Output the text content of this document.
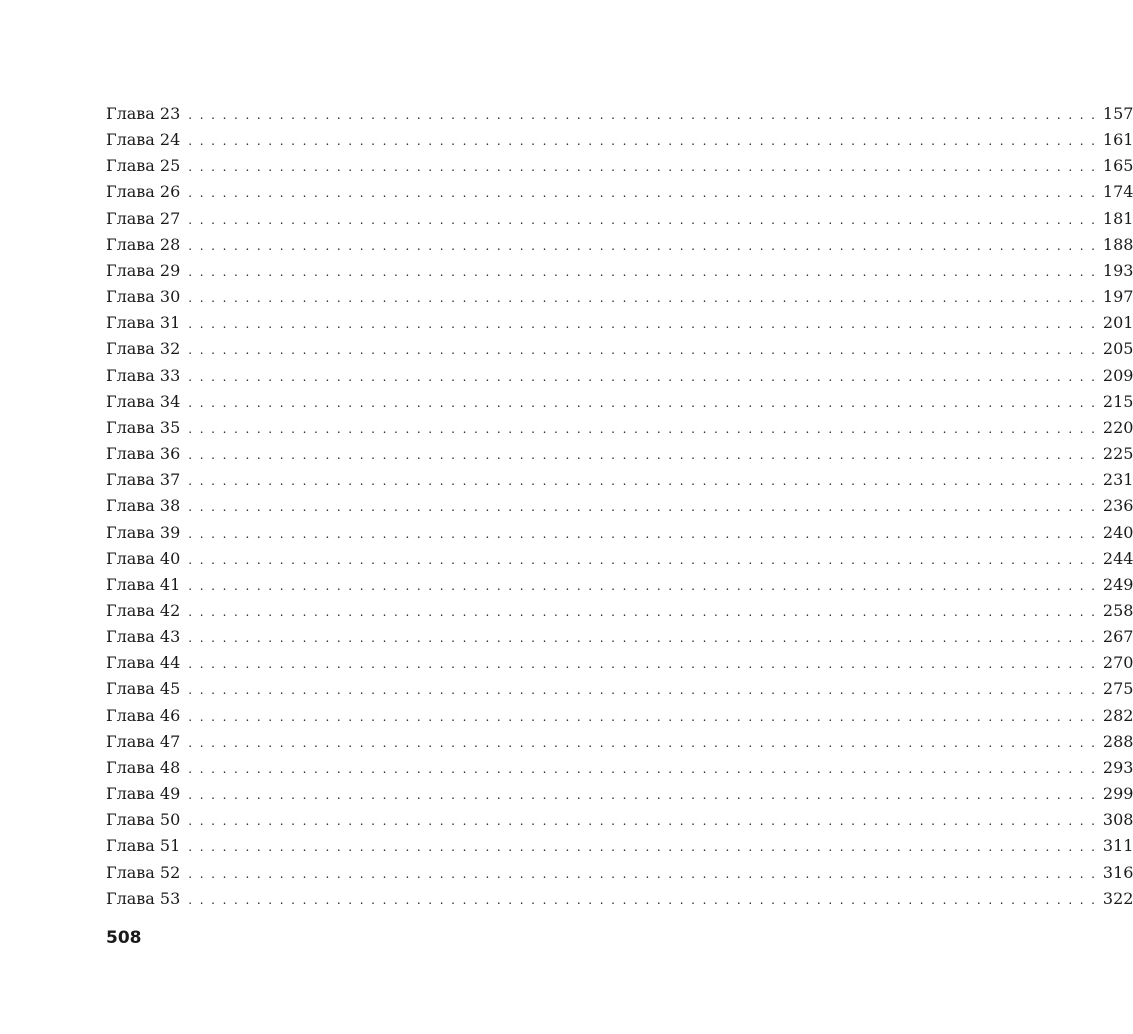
Глава 23 . . . . . . . . . . . . . . . . . . . . . . . . . . . . . . . . . . . . . . . . . . . . . . . . . . . . . . . . . . . . . . . . . . . . . . . . . . . . . . . . 157
Глава 24 . . . . . . . . . . . . . . . . . . . . . . . . . . . . . . . . . . . . . . . . . . . . . . . . . . . . . . . . . . . . . . . . . . . . . . . . . . . . . . . . 161
Глава 25 . . . . . . . . . . . . . . . . . . . . . . . . . . . . . . . . . . . . . . . . . . . . . . . . . . . . . . . . . . . . . . . . . . . . . . . . . . . . . . . . 165
Глава 26 . . . . . . . . . . . . . . . . . . . . . . . . . . . . . . . . . . . . . . . . . . . . . . . . . . . . . . . . . . . . . . . . . . . . . . . . . . . . . . . . 174
Глава 27 . . . . . . . . . . . . . . . . . . . . . . . . . . . . . . . . . . . . . . . . . . . . . . . . . . . . . . . . . . . . . . . . . . . . . . . . . . . . . . . . 181
Глава 28 . . . . . . . . . . . . . . . . . . . . . . . . . . . . . . . . . . . . . . . . . . . . . . . . . . . . . . . . . . . . . . . . . . . . . . . . . . . . . . . . 188
Глава 29 . . . . . . . . . . . . . . . . . . . . . . . . . . . . . . . . . . . . . . . . . . . . . . . . . . . . . . . . . . . . . . . . . . . . . . . . . . . . . . . . 193
Глава 30 . . . . . . . . . . . . . . . . . . . . . . . . . . . . . . . . . . . . . . . . . . . . . . . . . . . . . . . . . . . . . . . . . . . . . . . . . . . . . . . . 197
Глава 31 . . . . . . . . . . . . . . . . . . . . . . . . . . . . . . . . . . . . . . . . . . . . . . . . . . . . . . . . . . . . . . . . . . . . . . . . . . . . . . . . 201
Глава 32 . . . . . . . . . . . . . . . . . . . . . . . . . . . . . . . . . . . . . . . . . . . . . . . . . . . . . . . . . . . . . . . . . . . . . . . . . . . . . . . . 205
Глава 33 . . . . . . . . . . . . . . . . . . . . . . . . . . . . . . . . . . . . . . . . . . . . . . . . . . . . . . . . . . . . . . . . . . . . . . . . . . . . . . . . 209
Глава 34 . . . . . . . . . . . . . . . . . . . . . . . . . . . . . . . . . . . . . . . . . . . . . . . . . . . . . . . . . . . . . . . . . . . . . . . . . . . . . . . . 215
Глава 35 . . . . . . . . . . . . . . . . . . . . . . . . . . . . . . . . . . . . . . . . . . . . . . . . . . . . . . . . . . . . . . . . . . . . . . . . . . . . . . . . 220
Глава 36 . . . . . . . . . . . . . . . . . . . . . . . . . . . . . . . . . . . . . . . . . . . . . . . . . . . . . . . . . . . . . . . . . . . . . . . . . . . . . . . . 225
Глава 37 . . . . . . . . . . . . . . . . . . . . . . . . . . . . . . . . . . . . . . . . . . . . . . . . . . . . . . . . . . . . . . . . . . . . . . . . . . . . . . . . 231
Глава 38 . . . . . . . . . . . . . . . . . . . . . . . . . . . . . . . . . . . . . . . . . . . . . . . . . . . . . . . . . . . . . . . . . . . . . . . . . . . . . . . . 236
Глава 39 . . . . . . . . . . . . . . . . . . . . . . . . . . . . . . . . . . . . . . . . . . . . . . . . . . . . . . . . . . . . . . . . . . . . . . . . . . . . . . . . 240
Глава 40 . . . . . . . . . . . . . . . . . . . . . . . . . . . . . . . . . . . . . . . . . . . . . . . . . . . . . . . . . . . . . . . . . . . . . . . . . . . . . . . . 244
Глава 41 . . . . . . . . . . . . . . . . . . . . . . . . . . . . . . . . . . . . . . . . . . . . . . . . . . . . . . . . . . . . . . . . . . . . . . . . . . . . . . . . 249
Глава 42 . . . . . . . . . . . . . . . . . . . . . . . . . . . . . . . . . . . . . . . . . . . . . . . . . . . . . . . . . . . . . . . . . . . . . . . . . . . . . . . . 258
Глава 43 . . . . . . . . . . . . . . . . . . . . . . . . . . . . . . . . . . . . . . . . . . . . . . . . . . . . . . . . . . . . . . . . . . . . . . . . . . . . . . . . 267
Глава 44 . . . . . . . . . . . . . . . . . . . . . . . . . . . . . . . . . . . . . . . . . . . . . . . . . . . . . . . . . . . . . . . . . . . . . . . . . . . . . . . . 270
Глава 45 . . . . . . . . . . . . . . . . . . . . . . . . . . . . . . . . . . . . . . . . . . . . . . . . . . . . . . . . . . . . . . . . . . . . . . . . . . . . . . . . 275
Глава 46 . . . . . . . . . . . . . . . . . . . . . . . . . . . . . . . . . . . . . . . . . . . . . . . . . . . . . . . . . . . . . . . . . . . . . . . . . . . . . . . . 282
Глава 47 . . . . . . . . . . . . . . . . . . . . . . . . . . . . . . . . . . . . . . . . . . . . . . . . . . . . . . . . . . . . . . . . . . . . . . . . . . . . . . . . 288
Глава 48 . . . . . . . . . . . . . . . . . . . . . . . . . . . . . . . . . . . . . . . . . . . . . . . . . . . . . . . . . . . . . . . . . . . . . . . . . . . . . . . . 293
Глава 49 . . . . . . . . . . . . . . . . . . . . . . . . . . . . . . . . . . . . . . . . . . . . . . . . . . . . . . . . . . . . . . . . . . . . . . . . . . . . . . . . 299
Глава 50 . . . . . . . . . . . . . . . . . . . . . . . . . . . . . . . . . . . . . . . . . . . . . . . . . . . . . . . . . . . . . . . . . . . . . . . . . . . . . . . . 308
Глава 51 . . . . . . . . . . . . . . . . . . . . . . . . . . . . . . . . . . . . . . . . . . . . . . . . . . . . . . . . . . . . . . . . . . . . . . . . . . . . . . . . 311
Глава 52 . . . . . . . . . . . . . . . . . . . . . . . . . . . . . . . . . . . . . . . . . . . . . . . . . . . . . . . . . . . . . . . . . . . . . . . . . . . . . . . . 316
Глава 53 . . . . . . . . . . . . . . . . . . . . . . . . . . . . . . . . . . . . . . . . . . . . . . . . . . . . . . . . . . . . . . . . . . . . . . . . . . . . . . . . 322
508
